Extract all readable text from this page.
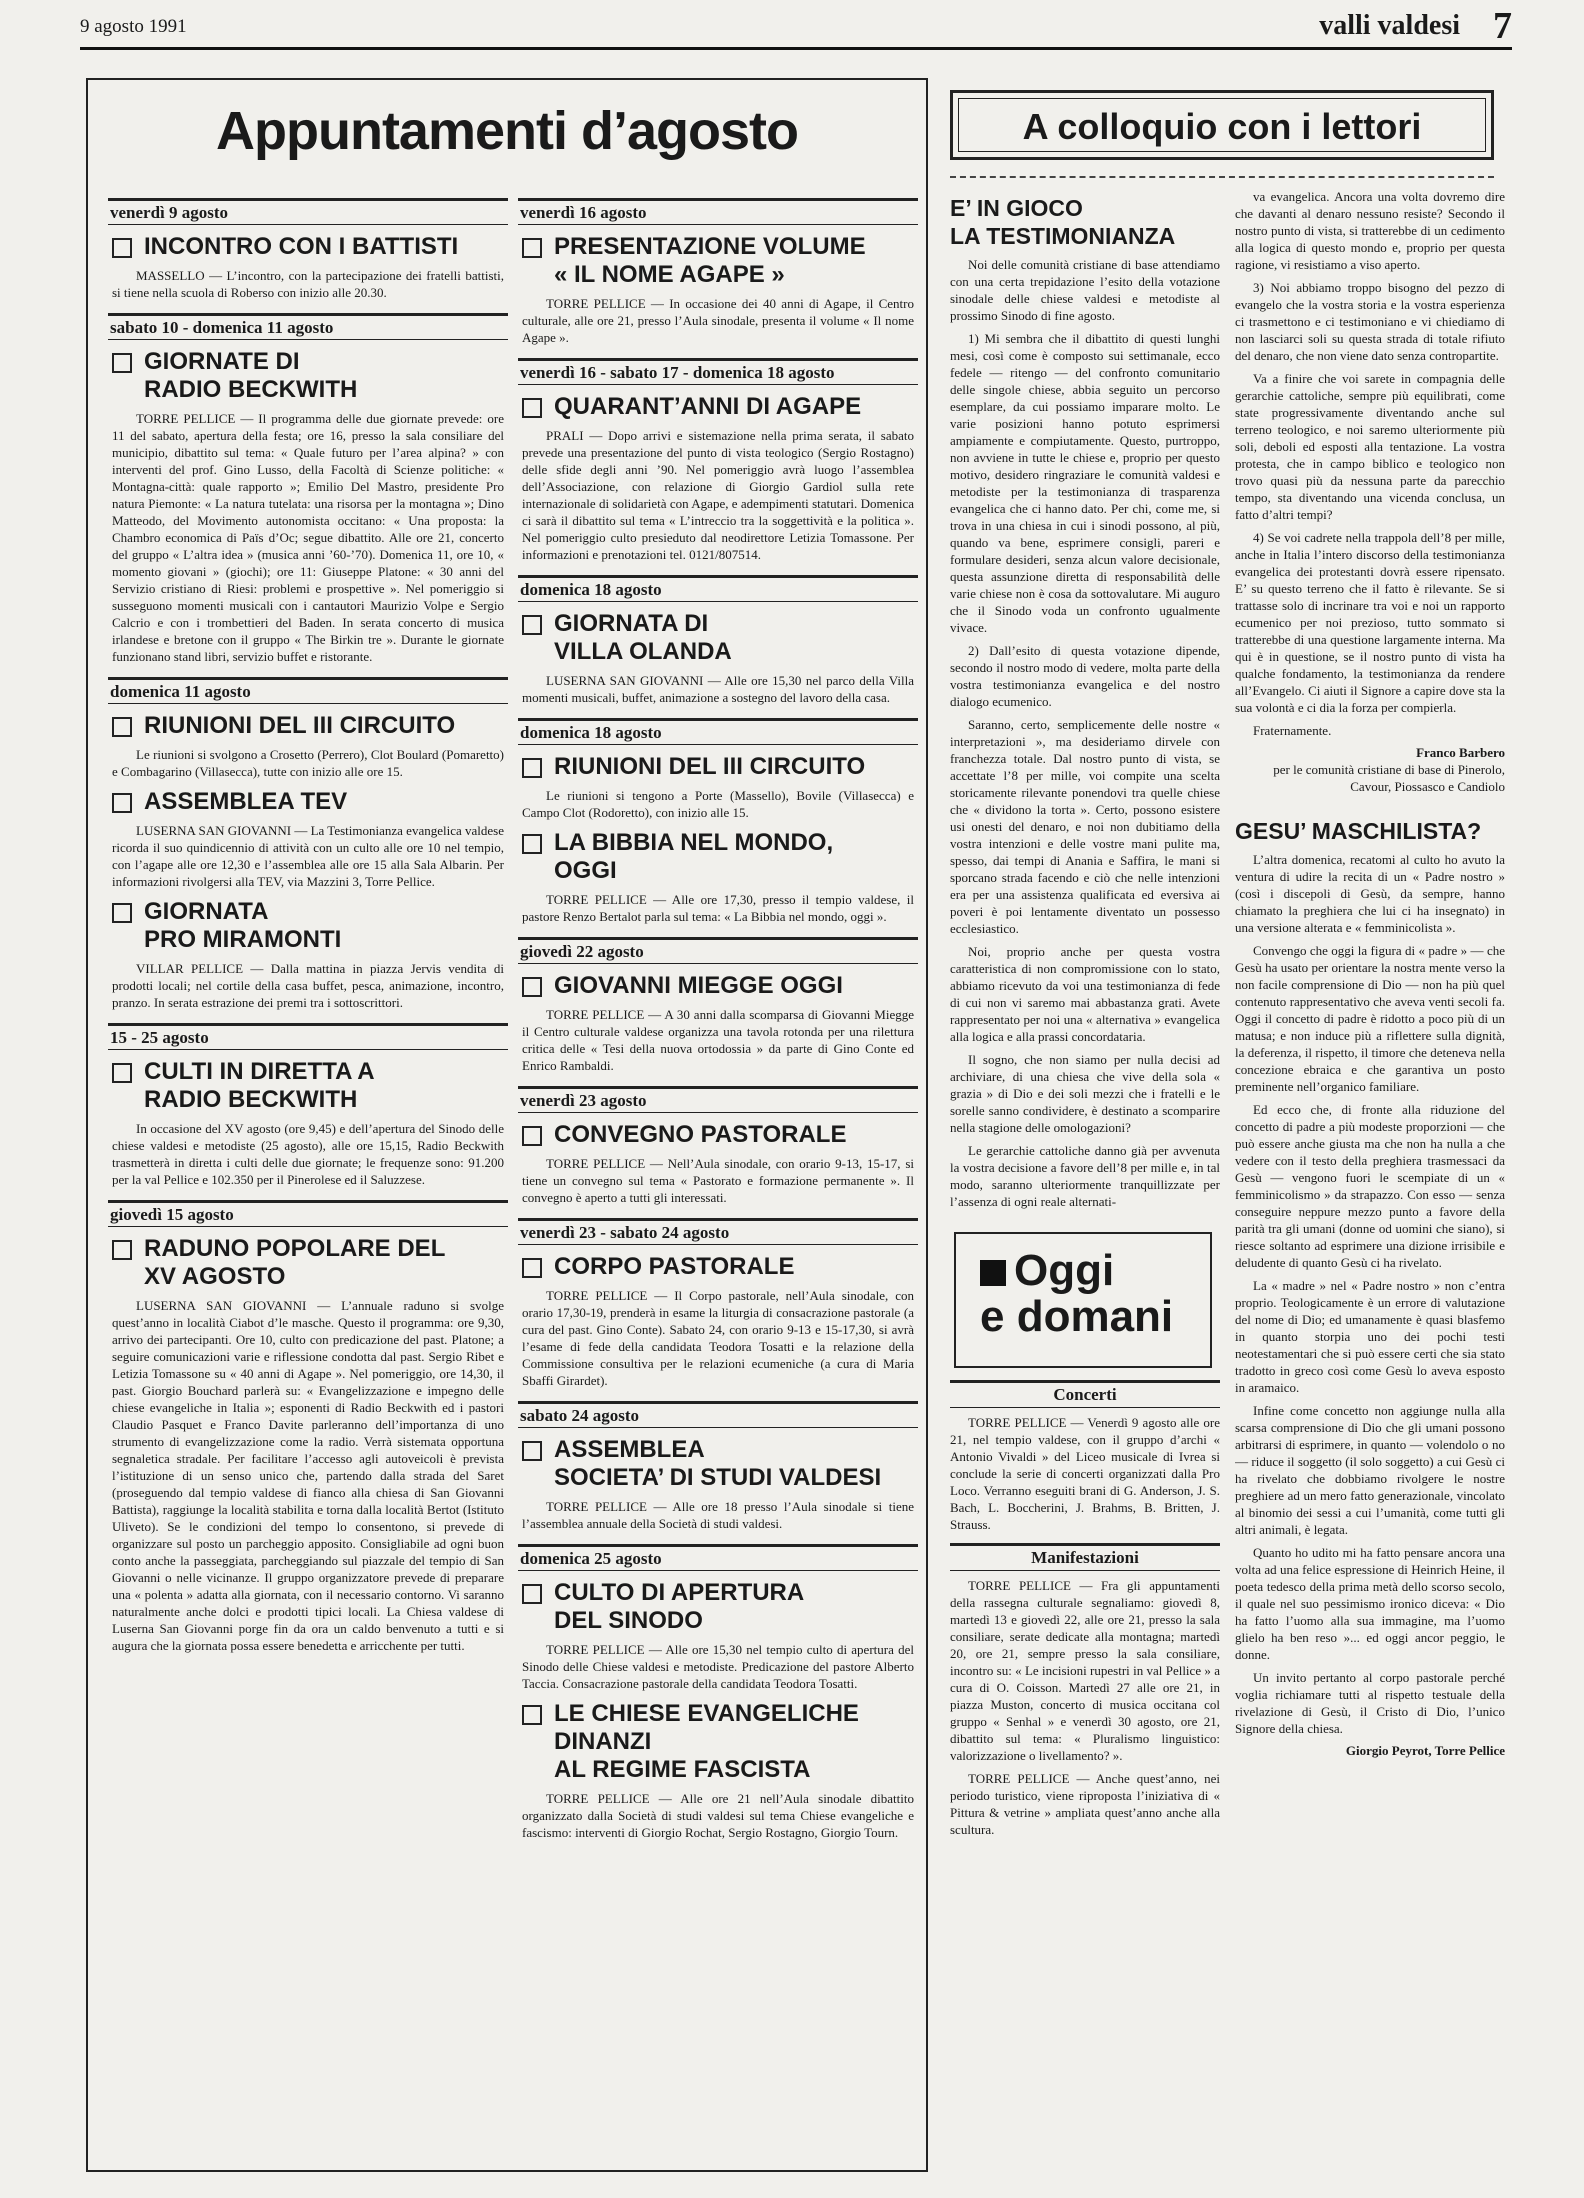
9 agosto 1991	valli valdesi 7
Appuntamenti d’agosto
venerdì 9 agosto
INCONTRO CON I BATTISTI
MASSELLO — L’incontro, con la partecipazione dei fratelli battisti, si tiene nella scuola di Roberso con inizio alle 20.30.
sabato 10 - domenica 11 agosto
GIORNATE DI
RADIO BECKWITH
TORRE PELLICE — Il programma delle due giornate prevede: ore 11 del sabato, apertura della festa; ore 16, presso la sala consiliare del municipio, dibattito sul tema: « Quale futuro per l’area alpina? » con interventi del prof. Gino Lusso, della Facoltà di Scienze politiche: « Montagna-città: quale rapporto »; Emilio Del Mastro, presidente Pro natura Piemonte: « La natura tutelata: una risorsa per la montagna »; Dino Matteodo, del Movimento autonomista occitano: « Una proposta: la Chambro economica di Païs d’Oc; segue dibattito. Alle ore 21, concerto del gruppo « L’altra idea » (musica anni ’60-’70). Domenica 11, ore 10, « momento giovani » (giochi); ore 11: Giuseppe Platone: « 30 anni del Servizio cristiano di Riesi: problemi e prospettive ». Nel pomeriggio si susseguono momenti musicali con i cantautori Maurizio Volpe e Sergio Calcrio e con i trombettieri del Baden. In serata concerto di musica irlandese e bretone con il gruppo « The Birkin tre ». Durante le giornate funzionano stand libri, servizio buffet e ristorante.
domenica 11 agosto
RIUNIONI DEL III CIRCUITO
Le riunioni si svolgono a Crosetto (Perrero), Clot Boulard (Pomaretto) e Combagarino (Villasecca), tutte con inizio alle ore 15.
ASSEMBLEA TEV
LUSERNA SAN GIOVANNI — La Testimonianza evangelica valdese ricorda il suo quindicennio di attività con un culto alle ore 10 nel tempio, con l’agape alle ore 12,30 e l’assemblea alle ore 15 alla Sala Albarin. Per informazioni rivolgersi alla TEV, via Mazzini 3, Torre Pellice.
GIORNATA
PRO MIRAMONTI
VILLAR PELLICE — Dalla mattina in piazza Jervis vendita di prodotti locali; nel cortile della casa buffet, pesca, animazione, incontro, pranzo. In serata estrazione dei premi tra i sottoscrittori.
15 - 25 agosto
CULTI IN DIRETTA A
RADIO BECKWITH
In occasione del XV agosto (ore 9,45) e dell’apertura del Sinodo delle chiese valdesi e metodiste (25 agosto), alle ore 15,15, Radio Beckwith trasmetterà in diretta i culti delle due giornate; le frequenze sono: 91.200 per la val Pellice e 102.350 per il Pinerolese ed il Saluzzese.
giovedì 15 agosto
RADUNO POPOLARE DEL
XV AGOSTO
LUSERNA SAN GIOVANNI — L’annuale raduno si svolge quest’anno in località Ciabot d’le masche. Questo il programma: ore 9,30, arrivo dei partecipanti. Ore 10, culto con predicazione del past. Platone; a seguire comunicazioni varie e riflessione condotta dal past. Sergio Ribet e Letizia Tomassone su « 40 anni di Agape ». Nel pomeriggio, ore 14,30, il past. Giorgio Bouchard parlerà su: « Evangelizzazione e impegno delle chiese evangeliche in Italia »; esponenti di Radio Beckwith ed i pastori Claudio Pasquet e Franco Davite parleranno dell’importanza di uno strumento di evangelizzazione come la radio. Verrà sistemata opportuna segnaletica stradale. Per facilitare l’accesso agli autoveicoli è prevista l’istituzione di un senso unico che, partendo dalla strada del Saret (proseguendo dal tempio valdese di fianco alla chiesa di San Giovanni Battista), raggiunge la località stabilita e torna dalla località Bertot (Istituto Uliveto). Se le condizioni del tempo lo consentono, si prevede di organizzare sul posto un parcheggio apposito. Consigliabile ad ogni buon conto anche la passeggiata, parcheggiando sul piazzale del tempio di San Giovanni o nelle vicinanze. Il gruppo organizzatore prevede di preparare una « polenta » adatta alla giornata, con il necessario contorno. Vi saranno naturalmente anche dolci e prodotti tipici locali. La Chiesa valdese di Luserna San Giovanni porge fin da ora un caldo benvenuto a tutti e si augura che la giornata possa essere benedetta e arricchente per tutti.
venerdì 16 agosto
PRESENTAZIONE VOLUME
« IL NOME AGAPE »
TORRE PELLICE — In occasione dei 40 anni di Agape, il Centro culturale, alle ore 21, presso l’Aula sinodale, presenta il volume « Il nome Agape ».
venerdì 16 - sabato 17 - domenica 18 agosto
QUARANT’ANNI DI AGAPE
PRALI — Dopo arrivi e sistemazione nella prima serata, il sabato prevede una presentazione del punto di vista teologico (Sergio Rostagno) delle sfide degli anni ’90. Nel pomeriggio avrà luogo l’assemblea dell’Associazione, con relazione di Giorgio Gardiol sulla rete internazionale di solidarietà con Agape, e adempimenti statutari. Domenica ci sarà il dibattito sul tema « L’intreccio tra la soggettività e la politica ». Nel pomeriggio culto presieduto dal neodirettore Letizia Tomassone. Per informazioni e prenotazioni tel. 0121/807514.
domenica 18 agosto
GIORNATA DI
VILLA OLANDA
LUSERNA SAN GIOVANNI — Alle ore 15,30 nel parco della Villa momenti musicali, buffet, animazione a sostegno del lavoro della casa.
domenica 18 agosto
RIUNIONI DEL III CIRCUITO
Le riunioni si tengono a Porte (Massello), Bovile (Villasecca) e Campo Clot (Rodoretto), con inizio alle 15.
LA BIBBIA NEL MONDO,
OGGI
TORRE PELLICE — Alle ore 17,30, presso il tempio valdese, il pastore Renzo Bertalot parla sul tema: « La Bibbia nel mondo, oggi ».
giovedì 22 agosto
GIOVANNI MIEGGE OGGI
TORRE PELLICE — A 30 anni dalla scomparsa di Giovanni Miegge il Centro culturale valdese organizza una tavola rotonda per una rilettura critica delle « Tesi della nuova ortodossia » da parte di Gino Conte ed Enrico Rambaldi.
venerdì 23 agosto
CONVEGNO PASTORALE
TORRE PELLICE — Nell’Aula sinodale, con orario 9-13, 15-17, si tiene un convegno sul tema « Pastorato e formazione permanente ». Il convegno è aperto a tutti gli interessati.
venerdì 23 - sabato 24 agosto
CORPO PASTORALE
TORRE PELLICE — Il Corpo pastorale, nell’Aula sinodale, con orario 17,30-19, prenderà in esame la liturgia di consacrazione pastorale (a cura del past. Gino Conte). Sabato 24, con orario 9-13 e 15-17,30, si avrà l’esame di fede della candidata Teodora Tosatti e la relazione della Commissione consultiva per le relazioni ecumeniche (a cura di Maria Sbaffi Girardet).
sabato 24 agosto
ASSEMBLEA
SOCIETA’ DI STUDI VALDESI
TORRE PELLICE — Alle ore 18 presso l’Aula sinodale si tiene l’assemblea annuale della Società di studi valdesi.
domenica 25 agosto
CULTO DI APERTURA
DEL SINODO
TORRE PELLICE — Alle ore 15,30 nel tempio culto di apertura del Sinodo delle Chiese valdesi e metodiste. Predicazione del pastore Alberto Taccia. Consacrazione pastorale della candidata Teodora Tosatti.
LE CHIESE EVANGELICHE
DINANZI
AL REGIME FASCISTA
TORRE PELLICE — Alle ore 21 nell’Aula sinodale dibattito organizzato dalla Società di studi valdesi sul tema Chiese evangeliche e fascismo: interventi di Giorgio Rochat, Sergio Rostagno, Giorgio Tourn.
A colloquio con i lettori
E’ IN GIOCO
LA TESTIMONIANZA
Noi delle comunità cristiane di base attendiamo con una certa trepidazione l’esito della votazione sinodale delle chiese valdesi e metodiste al prossimo Sinodo di fine agosto.
1) Mi sembra che il dibattito di questi lunghi mesi, così come è composto sui settimanale, ecco fedele — ritengo — del confronto comunitario delle singole chiese, abbia seguito un percorso esemplare, da cui possiamo imparare molto. Le varie posizioni hanno potuto esprimersi ampiamente e compiutamente. Questo, purtroppo, non avviene in tutte le chiese e, proprio per questo motivo, desidero ringraziare le comunità valdesi e metodiste per la testimonianza di trasparenza evangelica che ci hanno dato. Per chi, come me, si trova in una chiesa in cui i sinodi possono, al più, quando va bene, esprimere consigli, pareri e formulare desideri, senza alcun valore decisionale, questa assunzione diretta di responsabilità delle varie chiese non è cosa da sottovalutare. Mi auguro che il Sinodo voda un confronto ugualmente vivace.
2) Dall’esito di questa votazione dipende, secondo il nostro modo di vedere, molta parte della vostra testimonianza evangelica e del nostro dialogo ecumenico.
Saranno, certo, semplicemente delle nostre « interpretazioni », ma desideriamo dirvele con franchezza totale. Dal nostro punto di vista, se accettate l’8 per mille, voi compite una scelta storicamente rilevante ponendovi tra quelle chiese che « dividono la torta ». Certo, possono esistere usi onesti del denaro, e noi non dubitiamo della vostra intenzioni e delle vostre mani pulite ma, spesso, dai tempi di Anania e Saffira, le mani si sporcano strada facendo e ciò che nelle intenzioni era per una assistenza qualificata ed eversiva ai poveri è poi lentamente diventato un possesso ecclesiastico.
Noi, proprio anche per questa vostra caratteristica di non compromissione con lo stato, abbiamo ricevuto da voi una testimonianza di fede di cui non vi saremo mai abbastanza grati. Avete rappresentato per noi una « alternativa » evangelica alla logica e alla prassi concordataria.
Il sogno, che non siamo per nulla decisi ad archiviare, di una chiesa che vive della sola « grazia » di Dio e dei soli mezzi che i fratelli e le sorelle sanno condividere, è destinato a scomparire nella stagione delle omologazioni?
Le gerarchie cattoliche danno già per avvenuta la vostra decisione a favore dell’8 per mille e, in tal modo, saranno ulteriormente tranquillizzate per l’assenza di ogni reale alternati-
Oggi
e domani
Concerti
TORRE PELLICE — Venerdì 9 agosto alle ore 21, nel tempio valdese, con il gruppo d’archi « Antonio Vivaldi » del Liceo musicale di Ivrea si conclude la serie di concerti organizzati dalla Pro Loco. Verranno eseguiti brani di G. Anderson, J. S. Bach, L. Boccherini, J. Brahms, B. Britten, J. Strauss.
Manifestazioni
TORRE PELLICE — Fra gli appuntamenti della rassegna culturale segnaliamo: giovedì 8, martedì 13 e giovedì 22, alle ore 21, presso la sala consiliare, serate dedicate alla montagna; martedì 20, ore 21, sempre presso la sala consiliare, incontro su: « Le incisioni rupestri in val Pellice » a cura di O. Coisson. Martedì 27 alle ore 21, in piazza Muston, concerto di musica occitana col gruppo « Senhal » e venerdì 30 agosto, ore 21, dibattito sul tema: « Pluralismo linguistico: valorizzazione o livellamento? ».
TORRE PELLICE — Anche quest’anno, nei periodo turistico, viene riproposta l’iniziativa di « Pittura & vetrine » ampliata quest’anno anche alla scultura.
va evangelica. Ancora una volta dovremo dire che davanti al denaro nessuno resiste? Secondo il nostro punto di vista, si tratterebbe di un cedimento alla logica di questo mondo e, proprio per questa ragione, vi resistiamo a viso aperto.
3) Noi abbiamo troppo bisogno del pezzo di evangelo che la vostra storia e la vostra esperienza ci trasmettono e ci testimoniano e vi chiediamo di non lasciarci soli su questa strada di totale rifiuto del denaro, che non viene dato senza contropartite.
Va a finire che voi sarete in compagnia delle gerarchie cattoliche, sempre più equilibrati, come state progressivamente diventando anche sul terreno teologico, e noi saremo ulteriormente più soli, deboli ed esposti alla tentazione. La vostra protesta, che in campo biblico e teologico non trovo quasi più da nessuna parte da parecchio tempo, sta diventando una vicenda conclusa, un fatto d’altri tempi?
4) Se voi cadrete nella trappola dell’8 per mille, anche in Italia l’intero discorso della testimonianza evangelica dei protestanti dovrà essere ripensato. E’ su questo terreno che il fatto è rilevante. Se si trattasse solo di incrinare tra voi e noi un rapporto ecumenico per noi prezioso, tutto sommato si tratterebbe di una questione largamente interna. Ma qui è in questione, se il nostro punto di vista ha qualche fondamento, la testimonianza da rendere all’Evangelo. Ci aiuti il Signore a capire dove sta la sua volontà e ci dia la forza per compierla.
Fraternamente.
Franco Barbero
per le comunità cristiane di base di Pinerolo, Cavour, Piossasco e Candiolo
GESU’ MASCHILISTA?
L’altra domenica, recatomi al culto ho avuto la ventura di udire la recita di un « Padre nostro » (così i discepoli di Gesù, da sempre, hanno chiamato la preghiera che lui ci ha insegnato) in una versione alterata e « femminicolista ».
Convengo che oggi la figura di « padre » — che Gesù ha usato per orientare la nostra mente verso la non facile comprensione di Dio — non ha più quel contenuto rappresentativo che aveva venti secoli fa. Oggi il concetto di padre è ridotto a poco più di un matusa; e non induce più a riflettere sulla dignità, la deferenza, il rispetto, il timore che deteneva nella concezione ebraica e che garantiva un posto preminente nell’organico familiare.
Ed ecco che, di fronte alla riduzione del concetto di padre a più modeste proporzioni — che può essere anche giusta ma che non ha nulla a che vedere con il testo della preghiera trasmessaci da Gesù — vengono fuori le scempiate di un « femminicolismo » da strapazzo. Con esso — senza conseguire neppure mezzo punto a favore della parità tra gli umani (donne od uomini che siano), si riesce soltanto ad esprimere una dizione irrisibile e deludente di quanto Gesù ci ha rivelato.
La « madre » nel « Padre nostro » non c’entra proprio. Teologicamente è un errore di valutazione del nome di Dio; ed umanamente è quasi blasfemo in quanto storpia uno dei pochi testi neotestamentari che si può essere certi che sia stato tradotto in greco così come Gesù lo aveva esposto in aramaico.
Infine come concetto non aggiunge nulla alla scarsa comprensione di Dio che gli umani possono arbitrarsi di esprimere, in quanto — volendolo o no — riduce il soggetto (il solo soggetto) a cui Gesù ci ha rivelato che dobbiamo rivolgere le nostre preghiere ad un mero fatto generazionale, vincolato al binomio dei sessi a cui l’umanità, come tutti gli altri animali, è legata.
Quanto ho udito mi ha fatto pensare ancora una volta ad una felice espressione di Heinrich Heine, il poeta tedesco della prima metà dello scorso secolo, il quale nel suo pessimismo ironico diceva: « Dio ha fatto l’uomo alla sua immagine, ma l’uomo glielo ha ben reso »... ed oggi ancor peggio, le donne.
Un invito pertanto al corpo pastorale perché voglia richiamare tutti al rispetto testuale della rivelazione di Gesù, il Cristo di Dio, l’unico Signore della chiesa.
Giorgio Peyrot, Torre Pellice
